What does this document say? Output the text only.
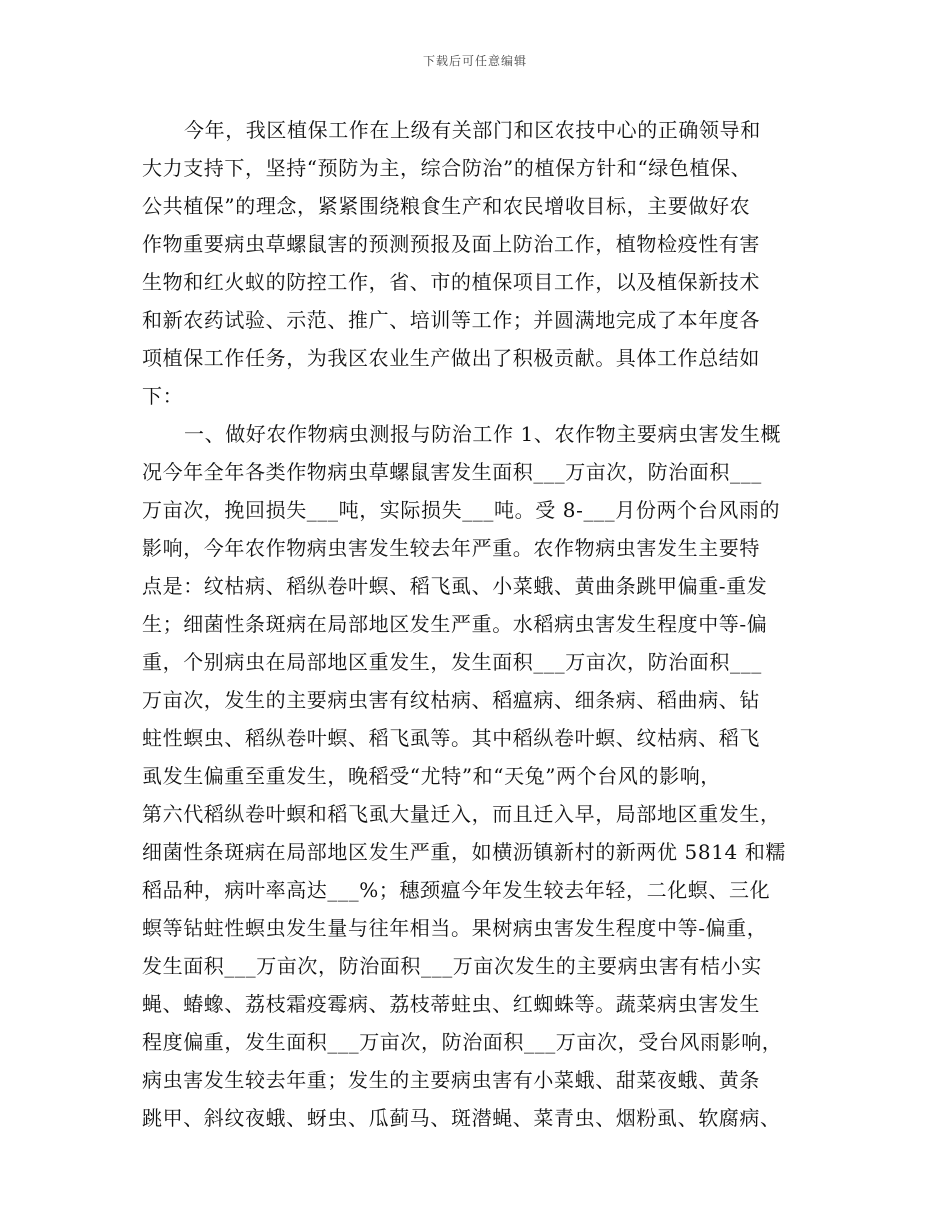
下载后可任意编辑
今年，我区植保工作在上级有关部门和区农技中心的正确领导和
大力支持下，坚持“预防为主，综合防治”的植保方针和“绿色植保、
公共植保”的理念，紧紧围绕粮食生产和农民增收目标，主要做好农
作物重要病虫草螺鼠害的预测预报及面上防治工作，植物检疫性有害
生物和红火蚁的防控工作，省、市的植保项目工作，以及植保新技术
和新农药试验、示范、推广、培训等工作；并圆满地完成了本年度各
项植保工作任务，为我区农业生产做出了积极贡献。具体工作总结如
下：
一、做好农作物病虫测报与防治工作 1、农作物主要病虫害发生概
况今年全年各类作物病虫草螺鼠害发生面积___万亩次，防治面积___
万亩次，挽回损失___吨，实际损失___吨。受 8-___月份两个台风雨的
影响，今年农作物病虫害发生较去年严重。农作物病虫害发生主要特
点是：纹枯病、稻纵卷叶螟、稻飞虱、小菜蛾、黄曲条跳甲偏重-重发
生；细菌性条斑病在局部地区发生严重。水稻病虫害发生程度中等-偏
重，个别病虫在局部地区重发生，发生面积___万亩次，防治面积___
万亩次，发生的主要病虫害有纹枯病、稻瘟病、细条病、稻曲病、钻
蛀性螟虫、稻纵卷叶螟、稻飞虱等。其中稻纵卷叶螟、纹枯病、稻飞
虱发生偏重至重发生，晚稻受“尤特”和“天兔”两个台风的影响，
第六代稻纵卷叶螟和稻飞虱大量迁入，而且迁入早，局部地区重发生，
细菌性条斑病在局部地区发生严重，如横沥镇新村的新两优 5814 和糯
稻品种，病叶率高达___%；穗颈瘟今年发生较去年轻，二化螟、三化
螟等钻蛀性螟虫发生量与往年相当。果树病虫害发生程度中等-偏重，
发生面积___万亩次，防治面积___万亩次发生的主要病虫害有桔小实
蝇、蝽蟓、荔枝霜疫霉病、荔枝蒂蛀虫、红蜘蛛等。蔬菜病虫害发生
程度偏重，发生面积___万亩次，防治面积___万亩次，受台风雨影响，
病虫害发生较去年重；发生的主要病虫害有小菜蛾、甜菜夜蛾、黄条
跳甲、斜纹夜蛾、蚜虫、瓜蓟马、斑潜蝇、菜青虫、烟粉虱、软腐病、
